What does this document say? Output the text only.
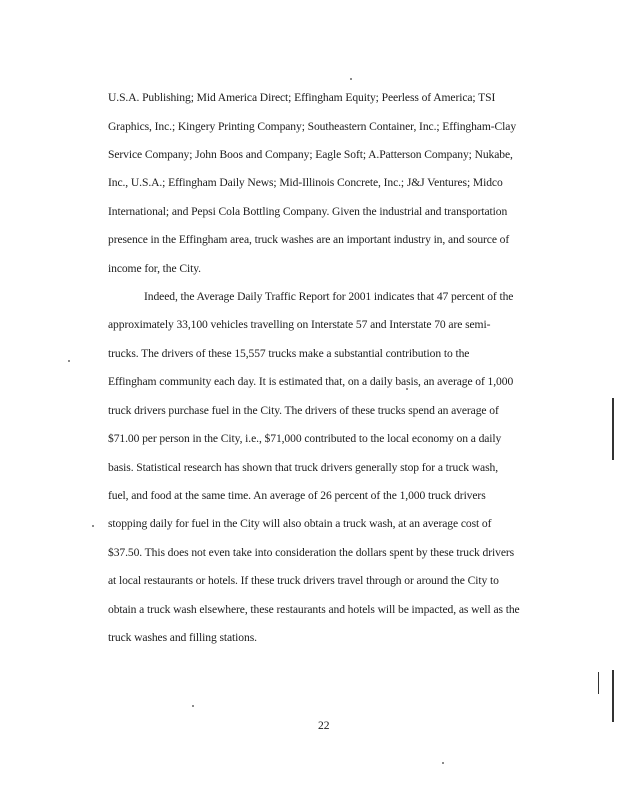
U.S.A. Publishing; Mid America Direct; Effingham Equity; Peerless of America; TSI
Graphics, Inc.; Kingery Printing Company; Southeastern Container, Inc.; Effingham-Clay
Service Company; John Boos and Company; Eagle Soft; A.Patterson Company; Nukabe,
Inc., U.S.A.; Effingham Daily News; Mid-Illinois Concrete, Inc.; J&J Ventures; Midco
International; and Pepsi Cola Bottling Company. Given the industrial and transportation
presence in the Effingham area, truck washes are an important industry in, and source of
income for, the City.
Indeed, the Average Daily Traffic Report for 2001 indicates that 47 percent of the
approximately 33,100 vehicles travelling on Interstate 57 and Interstate 70 are semi-
trucks. The drivers of these 15,557 trucks make a substantial contribution to the
Effingham community each day. It is estimated that, on a daily basis, an average of 1,000
truck drivers purchase fuel in the City. The drivers of these trucks spend an average of
$71.00 per person in the City, i.e., $71,000 contributed to the local economy on a daily
basis. Statistical research has shown that truck drivers generally stop for a truck wash,
fuel, and food at the same time. An average of 26 percent of the 1,000 truck drivers
stopping daily for fuel in the City will also obtain a truck wash, at an average cost of
$37.50. This does not even take into consideration the dollars spent by these truck drivers
at local restaurants or hotels. If these truck drivers travel through or around the City to
obtain a truck wash elsewhere, these restaurants and hotels will be impacted, as well as the
truck washes and filling stations.
22
